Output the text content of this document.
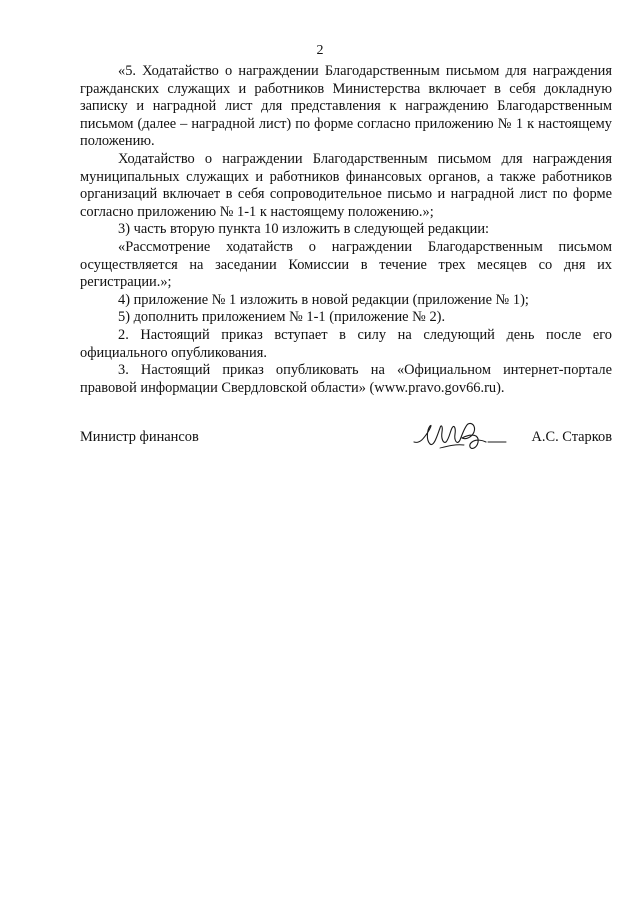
2

«5. Ходатайство о награждении Благодарственным письмом для награждения гражданских служащих и работников Министерства включает в себя докладную записку и наградной лист для представления к награждению Благодарственным письмом (далее – наградной лист) по форме согласно приложению № 1 к настоящему положению.

Ходатайство о награждении Благодарственным письмом для награждения муниципальных служащих и работников финансовых органов, а также работников организаций включает в себя сопроводительное письмо и наградной лист по форме согласно приложению № 1-1 к настоящему положению.»;

3) часть вторую пункта 10 изложить в следующей редакции:

«Рассмотрение ходатайств о награждении Благодарственным письмом осуществляется на заседании Комиссии в течение трех месяцев со дня их регистрации.»;

4) приложение № 1 изложить в новой редакции (приложение № 1);

5) дополнить приложением № 1-1 (приложение № 2).

2. Настоящий приказ вступает в силу на следующий день после его официального опубликования.

3. Настоящий приказ опубликовать на «Официальном интернет-портале правовой информации Свердловской области» (www.pravo.gov66.ru).

Министр финансов	А.С. Старков
